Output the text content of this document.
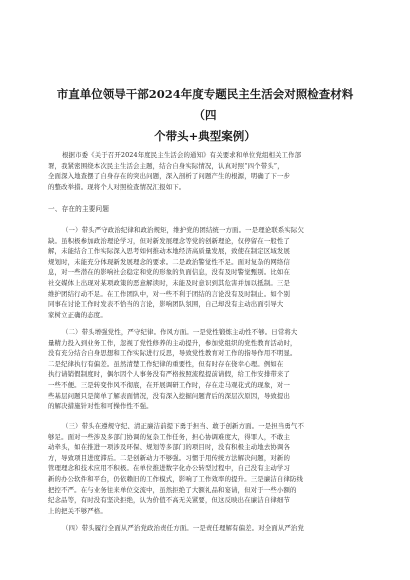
市直单位领导干部2024年度专题民主生活会对照检查材料（四
个带头+典型案例）
根据市委《关于召开2024年度民主生活会的通知》有关要求和单位党组相关工作部
署，我紧密围绕本次民主生活会主题，结合自身实际情况，认真对照“四个带头”，
全面深入地查摆了自身存在的突出问题，深入剖析了问题产生的根源，明确了下一步
的整改举措。现将个人对照检查情况汇报如下。
一、存在的主要问题
（一）带头严守政治纪律和政治规矩，维护党的团结统一方面。一是理论联系实际欠
缺。虽积极参加政治理论学习，但对新发展理念等党的创新理论，仅停留在一般性了
解，未能结合工作实际深入思考如何推动本地经济高质量发展，致使在制定区域发展
规划时，未能充分体现新发展理念的要求。二是政治警觉性不足。面对复杂的网络信
息，对一些潜在的影响社会稳定和党的形象的负面信息，没有及时警觉甄别。比如在
社交媒体上出现对某项政策的恶意解读时，未能及时意识到其危害并加以抵制。三是
维护团结行动不足。在工作团队中，对一些不利于团结的言论没有及时制止。如个别
同事在讨论工作时发表不恰当的言论，影响团队氛围，自己却没有主动出面引导大
家树立正确的态度。
（二）带头增强党性，严守纪律。作风方面。一是党性锻炼主动性不够。日常将大
量精力投入到业务工作，忽视了党性修养的主动提升，参加党组织的党性教育活动时，
没有充分结合自身思想和工作实际进行反思，导致党性教育对工作的指导作用不明显。
二是纪律执行有偏差。虽然清楚工作纪律的重要性，但有时存在侥幸心理。例如在
执行请销假制度时，偶尔因个人事务没有严格按照流程提前请假，给工作安排带来了
一些不便。三是转变作风不彻底，在开展调研工作时，存在走马观花式的现象，对一
些基层问题只是简单了解表面情况，没有深入挖掘问题背后的深层次原因，导致提出
的解决措施针对性和可操作性不强。
（三）带头在遵规守纪、清正廉洁前提下勇于担当、敢于创新方面。一是担当勇气不
够足。面对一些涉及多部门协调的复杂工作任务，担心协调难度大，得罪人，不敢主
动牵头，如在推进一项涉及环保、规划等多部门的项目时，没有积极主动地去协调各
方，导致项目进度滞后。二是创新动力不够强。习惯于用传统方法解决问题，对新的
管理理念和技术应用不积极。在单位推进数字化办公转型过程中，自己没有主动学习
新的办公软件和平台，仍依赖旧的工作模式，影响了工作效率的提升。三是廉洁自律防线
把控不严。在与业务往来单位交流中，虽然拒绝了大额礼品和宴请，但对于一些小额的
纪念品等，有时没有坚决拒绝，认为价值不高无关紧要，但这反映出在廉洁自律细节
上的把关不够严格。
（四）带头履行全面从严治党政治责任方面。一是责任理解有偏差。对全面从严治党
